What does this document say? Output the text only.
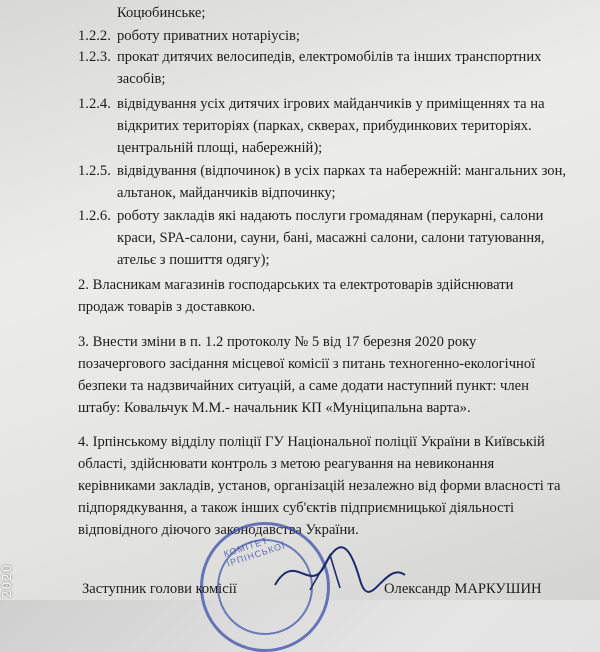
Коцюбинське;
1.2.2. роботу приватних нотаріусів;
1.2.3. прокат дитячих велосипедів, електромобілів та інших транспортних
засобів;
1.2.4. відвідування усіх дитячих ігрових майданчиків у приміщеннях та на
відкритих територіях (парках, скверах, прибудинкових територіях.
центральній площі, набережній);
1.2.5. відвідування (відпочинок) в усіх парках та набережній: мангальних зон,
альтанок, майданчиків відпочинку;
1.2.6. роботу закладів які надають послуги громадянам (перукарні, салони
краси, SPA-салони, сауни, бані, масажні салони, салони татуювання,
ательє з пошиття одягу);
2. Власникам магазинів господарських та електротоварів здійснювати
продаж товарів з доставкою.
3. Внести зміни в п. 1.2 протоколу № 5 від 17 березня 2020 року
позачергового засідання місцевої комісії з питань техногенно-екологічної
безпеки та надзвичайних ситуацій, а саме додати наступний пункт: член
штабу: Ковальчук М.М.- начальник КП «Муніципальна варта».
4. Ірпінському відділу поліції ГУ Національної поліції України в Київській
області, здійснювати контроль з метою реагування на невиконання
керівниками закладів, установ, організацій незалежно від форми власності та
підпорядкування, а також інших суб'єктів підприємницької діяльності
відповідного діючого законодавства України.
КОМІТЕТ ІРПІНСЬКОЇ
Заступник голови комісії	Олександр МАРКУШИН
2020
